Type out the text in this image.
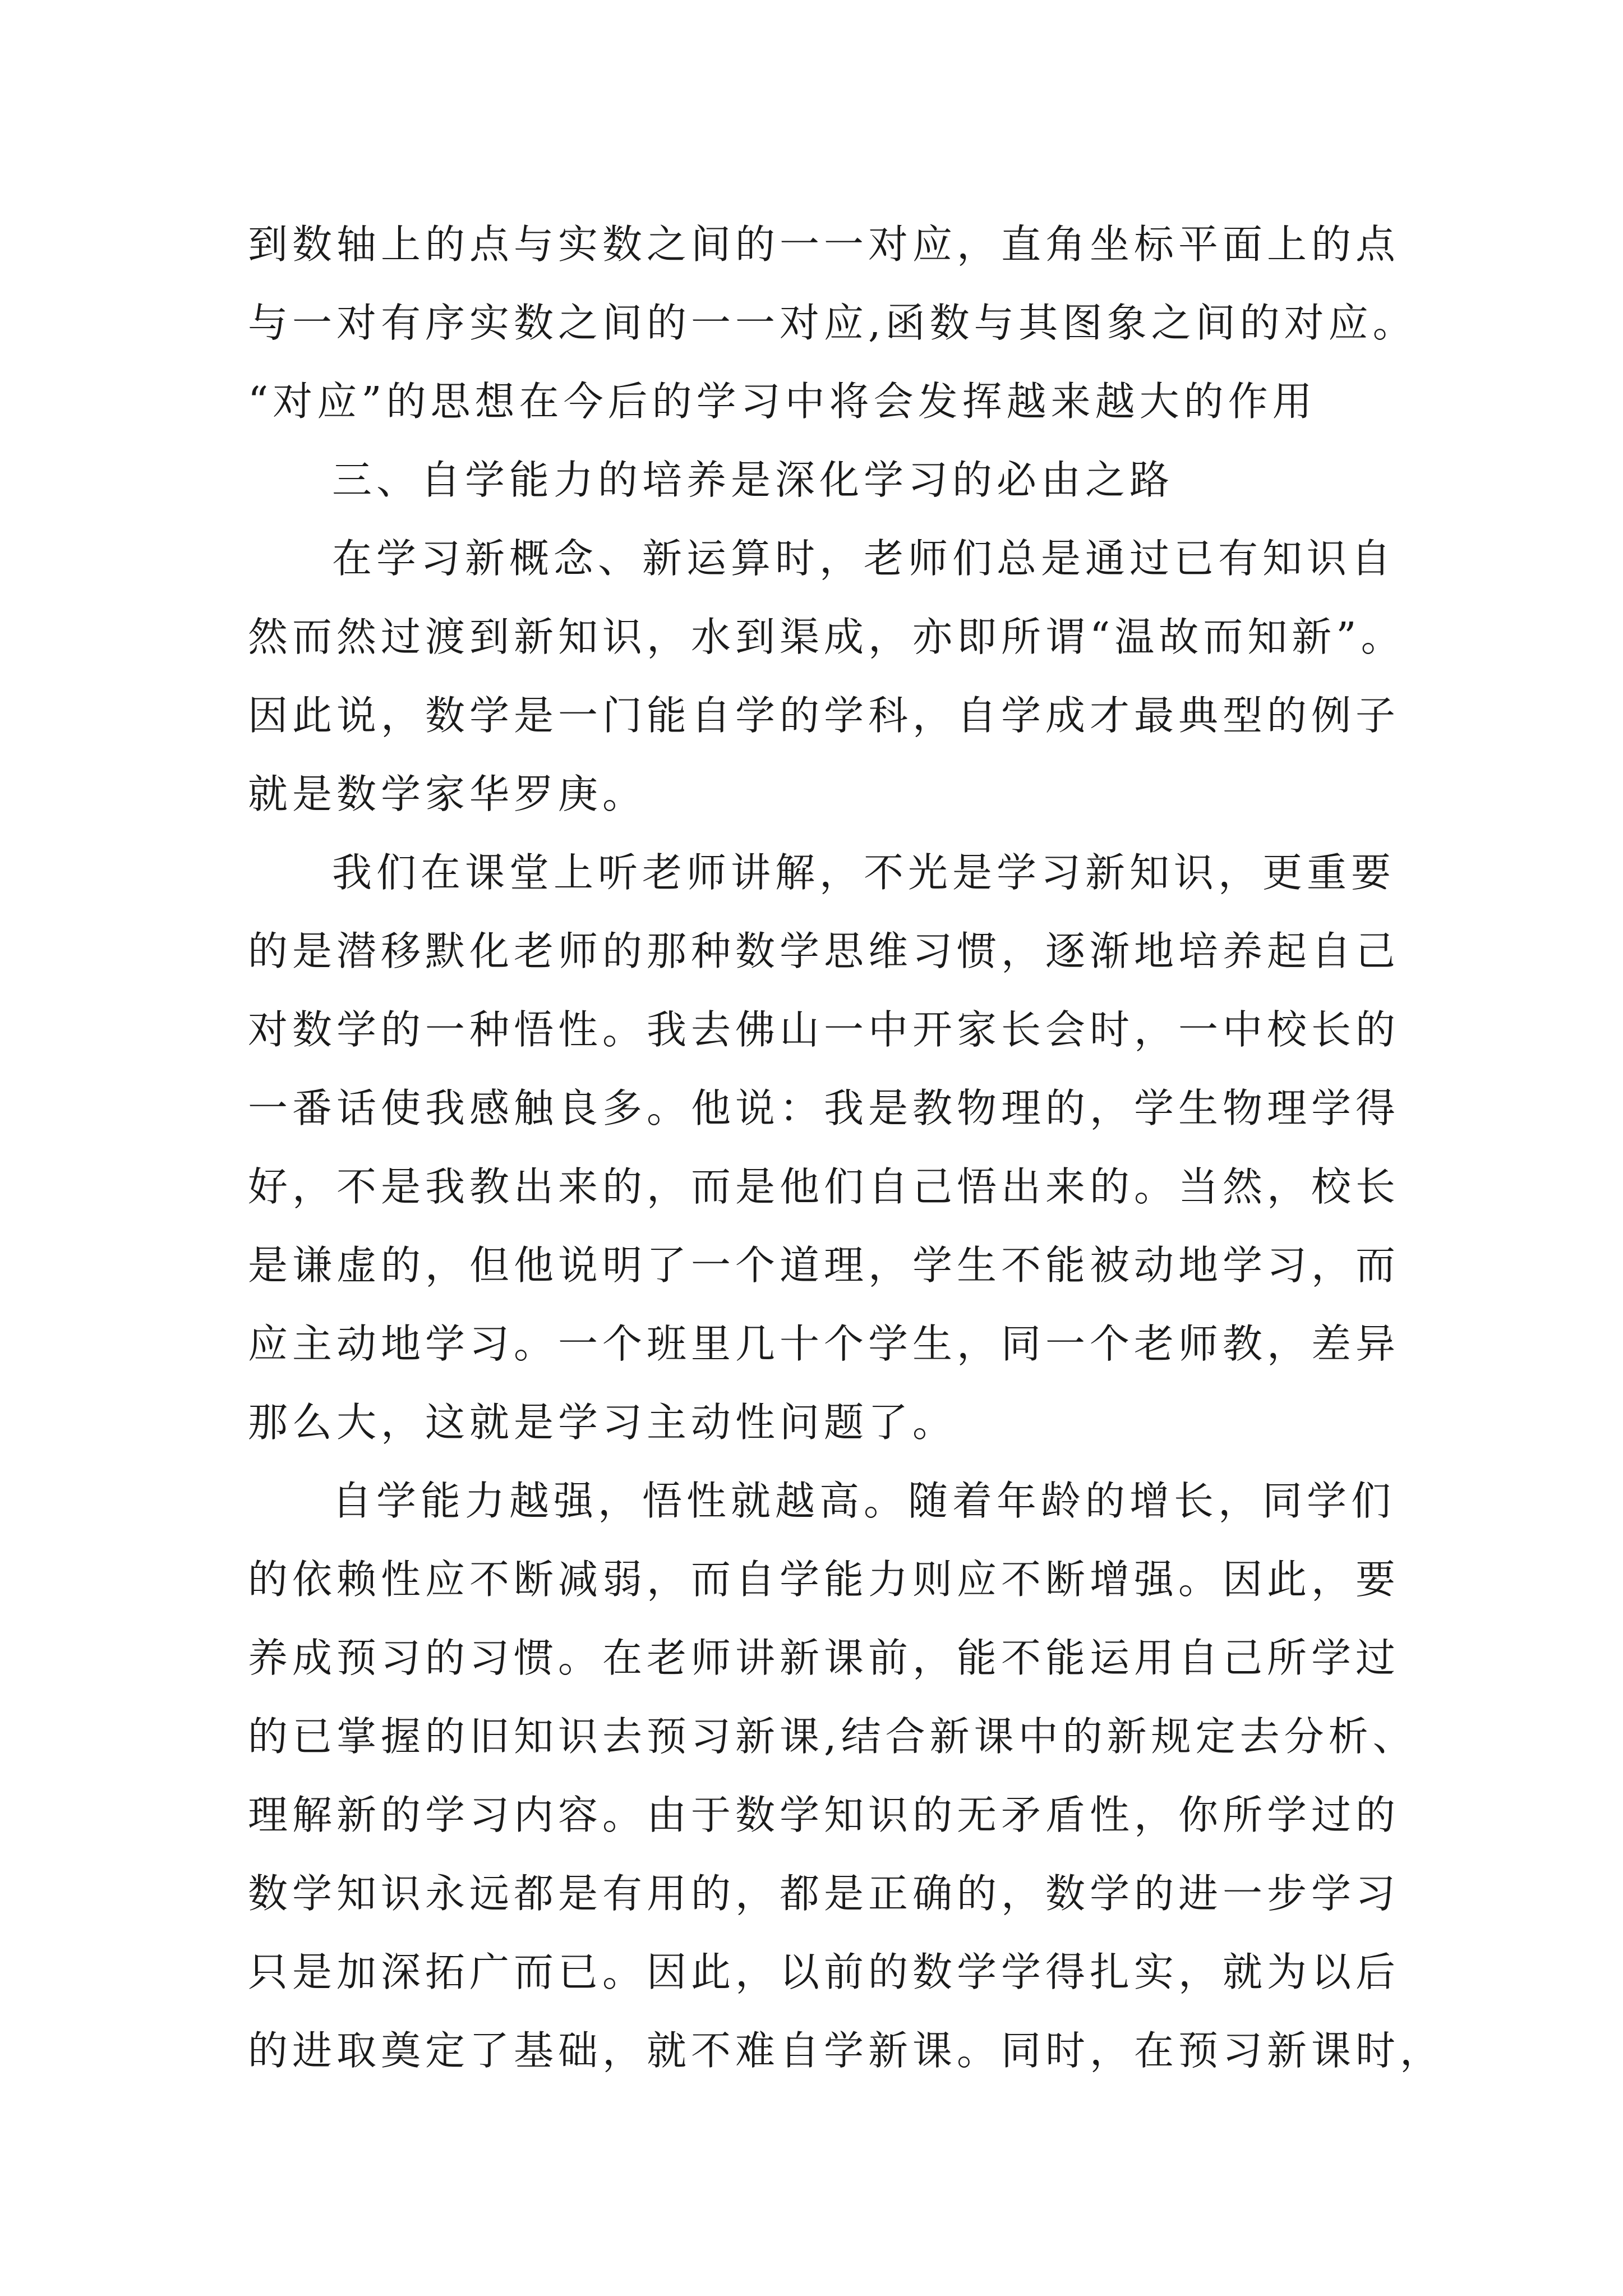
到数轴上的点与实数之间的一一对应，直角坐标平面上的点
与一对有序实数之间的一一对应,函数与其图象之间的对应。
“对应”的思想在今后的学习中将会发挥越来越大的作用
三、自学能力的培养是深化学习的必由之路
在学习新概念、新运算时，老师们总是通过已有知识自
然而然过渡到新知识，水到渠成，亦即所谓“温故而知新”。
因此说，数学是一门能自学的学科，自学成才最典型的例子
就是数学家华罗庚。
我们在课堂上听老师讲解，不光是学习新知识，更重要
的是潜移默化老师的那种数学思维习惯，逐渐地培养起自己
对数学的一种悟性。我去佛山一中开家长会时，一中校长的
一番话使我感触良多。他说：我是教物理的，学生物理学得
好，不是我教出来的，而是他们自己悟出来的。当然，校长
是谦虚的，但他说明了一个道理，学生不能被动地学习，而
应主动地学习。一个班里几十个学生，同一个老师教，差异
那么大，这就是学习主动性问题了。
自学能力越强，悟性就越高。随着年龄的增长，同学们
的依赖性应不断减弱，而自学能力则应不断增强。因此，要
养成预习的习惯。在老师讲新课前，能不能运用自己所学过
的已掌握的旧知识去预习新课,结合新课中的新规定去分析、
理解新的学习内容。由于数学知识的无矛盾性，你所学过的
数学知识永远都是有用的，都是正确的，数学的进一步学习
只是加深拓广而已。因此，以前的数学学得扎实，就为以后
的进取奠定了基础，就不难自学新课。同时，在预习新课时，
